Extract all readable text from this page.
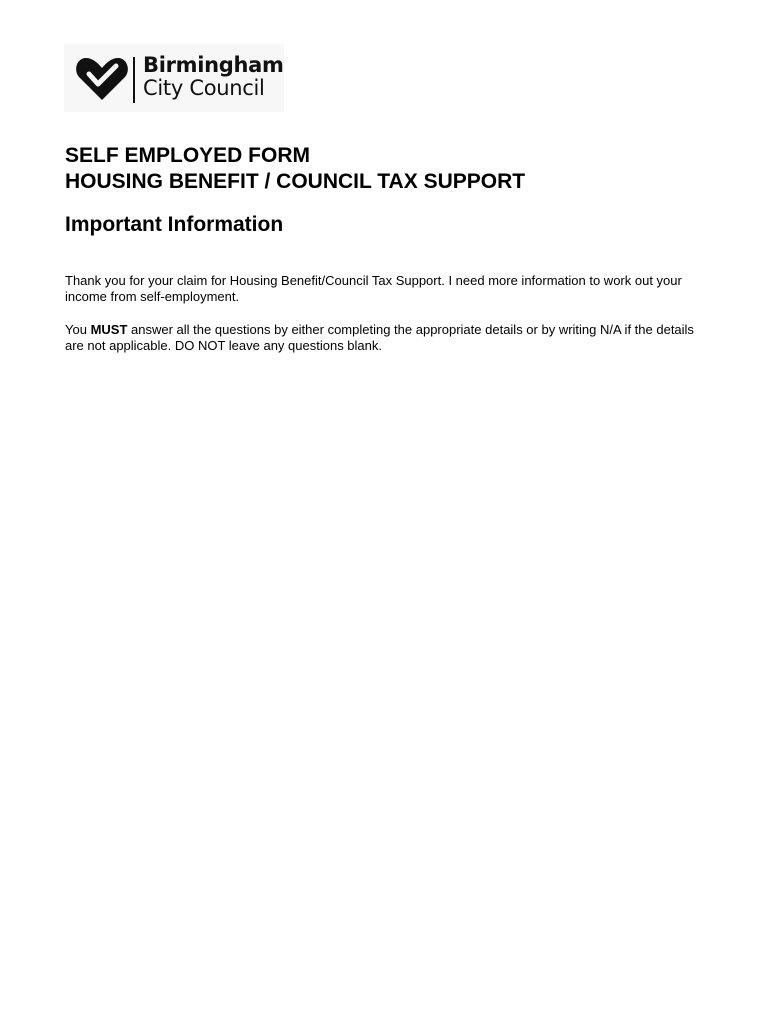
Birmingham
City Council
SELF EMPLOYED FORM
HOUSING BENEFIT / COUNCIL TAX SUPPORT
Important Information

Thank you for your claim for Housing Benefit/Council Tax Support. I need more information to work out your income from self-employment.

You MUST answer all the questions by either completing the appropriate details or by writing N/A if the details are not applicable. DO NOT leave any questions blank.
